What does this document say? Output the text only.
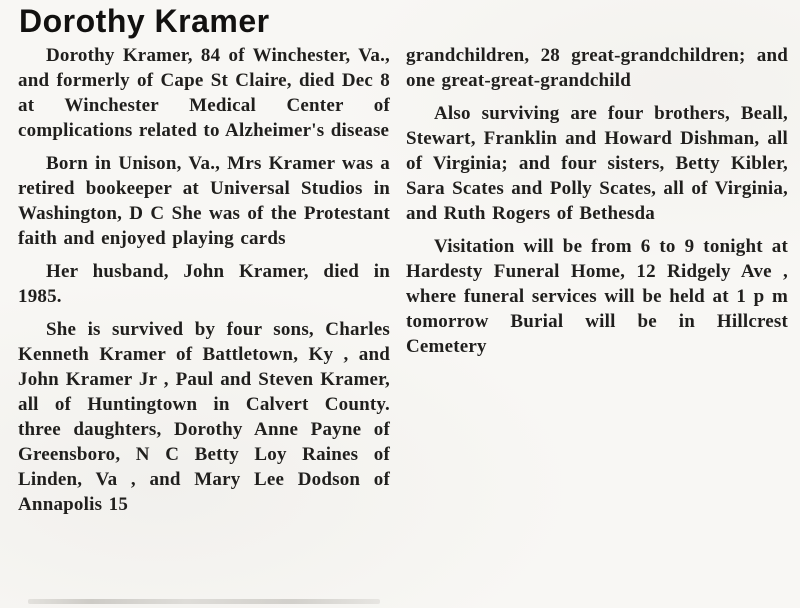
Dorothy Kramer

Dorothy Kramer, 84 of Winchester, Va., and formerly of Cape St Claire, died Dec 8 at Winchester Medical Center of complications related to Alzheimer's disease

Born in Unison, Va., Mrs Kramer was a retired bookeeper at Universal Studios in Washington, D C She was of the Protestant faith and enjoyed playing cards

Her husband, John Kramer, died in 1985.

She is survived by four sons, Charles Kenneth Kramer of Battletown, Ky , and John Kramer Jr , Paul and Steven Kramer, all of Huntingtown in Calvert County. three daughters, Dorothy Anne Payne of Greensboro, N C Betty Loy Raines of Linden, Va , and Mary Lee Dodson of Annapolis 15

grandchildren, 28 great-grandchildren; and one great-great-grandchild

Also surviving are four brothers, Beall, Stewart, Franklin and Howard Dishman, all of Virginia; and four sisters, Betty Kibler, Sara Scates and Polly Scates, all of Virginia, and Ruth Rogers of Bethesda

Visitation will be from 6 to 9 tonight at Hardesty Funeral Home, 12 Ridgely Ave , where funeral services will be held at 1 p m tomorrow Burial will be in Hillcrest Cemetery
